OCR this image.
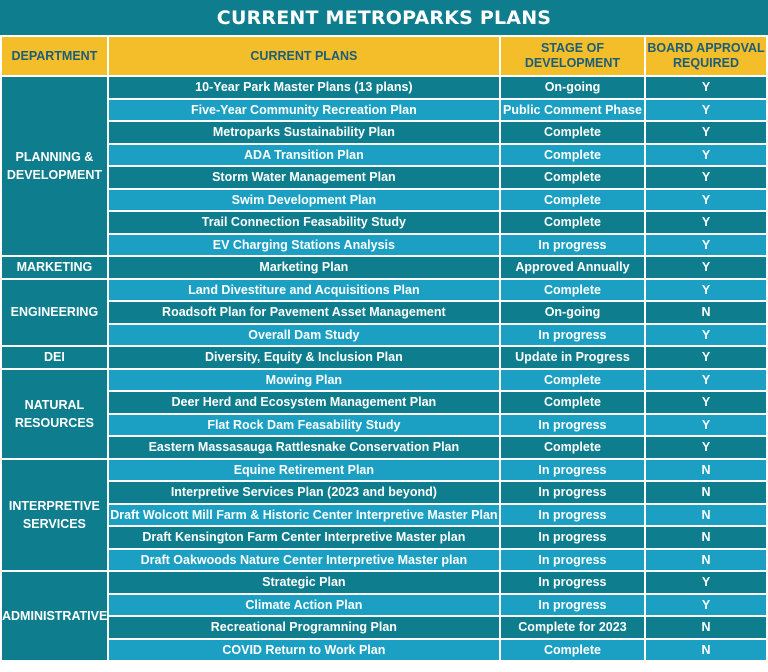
CURRENT METROPARKS PLANS
DEPARTMENT	CURRENT PLANS	STAGE OF DEVELOPMENT	BOARD APPROVAL REQUIRED
PLANNING & DEVELOPMENT	10-Year Park Master Plans (13 plans)	On-going	Y
	Five-Year Community Recreation Plan	Public Comment Phase	Y
	Metroparks Sustainability Plan	Complete	Y
	ADA Transition Plan	Complete	Y
	Storm Water Management Plan	Complete	Y
	Swim Development Plan	Complete	Y
	Trail Connection Feasability Study	Complete	Y
	EV Charging Stations Analysis	In progress	Y
MARKETING	Marketing Plan	Approved Annually	Y
ENGINEERING	Land Divestiture and Acquisitions Plan	Complete	Y
	Roadsoft Plan for Pavement Asset Management	On-going	N
	Overall Dam Study	In progress	Y
DEI	Diversity, Equity & Inclusion Plan	Update in Progress	Y
NATURAL RESOURCES	Mowing Plan	Complete	Y
	Deer Herd and Ecosystem Management Plan	Complete	Y
	Flat Rock Dam Feasability Study	In progress	Y
	Eastern Massasauga Rattlesnake Conservation Plan	Complete	Y
INTERPRETIVE SERVICES	Equine Retirement Plan	In progress	N
	Interpretive Services Plan (2023 and beyond)	In progress	N
	Draft Wolcott Mill Farm & Historic Center Interpretive Master Plan	In progress	N
	Draft Kensington Farm Center Interpretive Master plan	In progress	N
	Draft Oakwoods Nature Center Interpretive Master plan	In progress	N
ADMINISTRATIVE	Strategic Plan	In progress	Y
	Climate Action Plan	In progress	Y
	Recreational Programning Plan	Complete for 2023	N
	COVID Return to Work Plan	Complete	N
